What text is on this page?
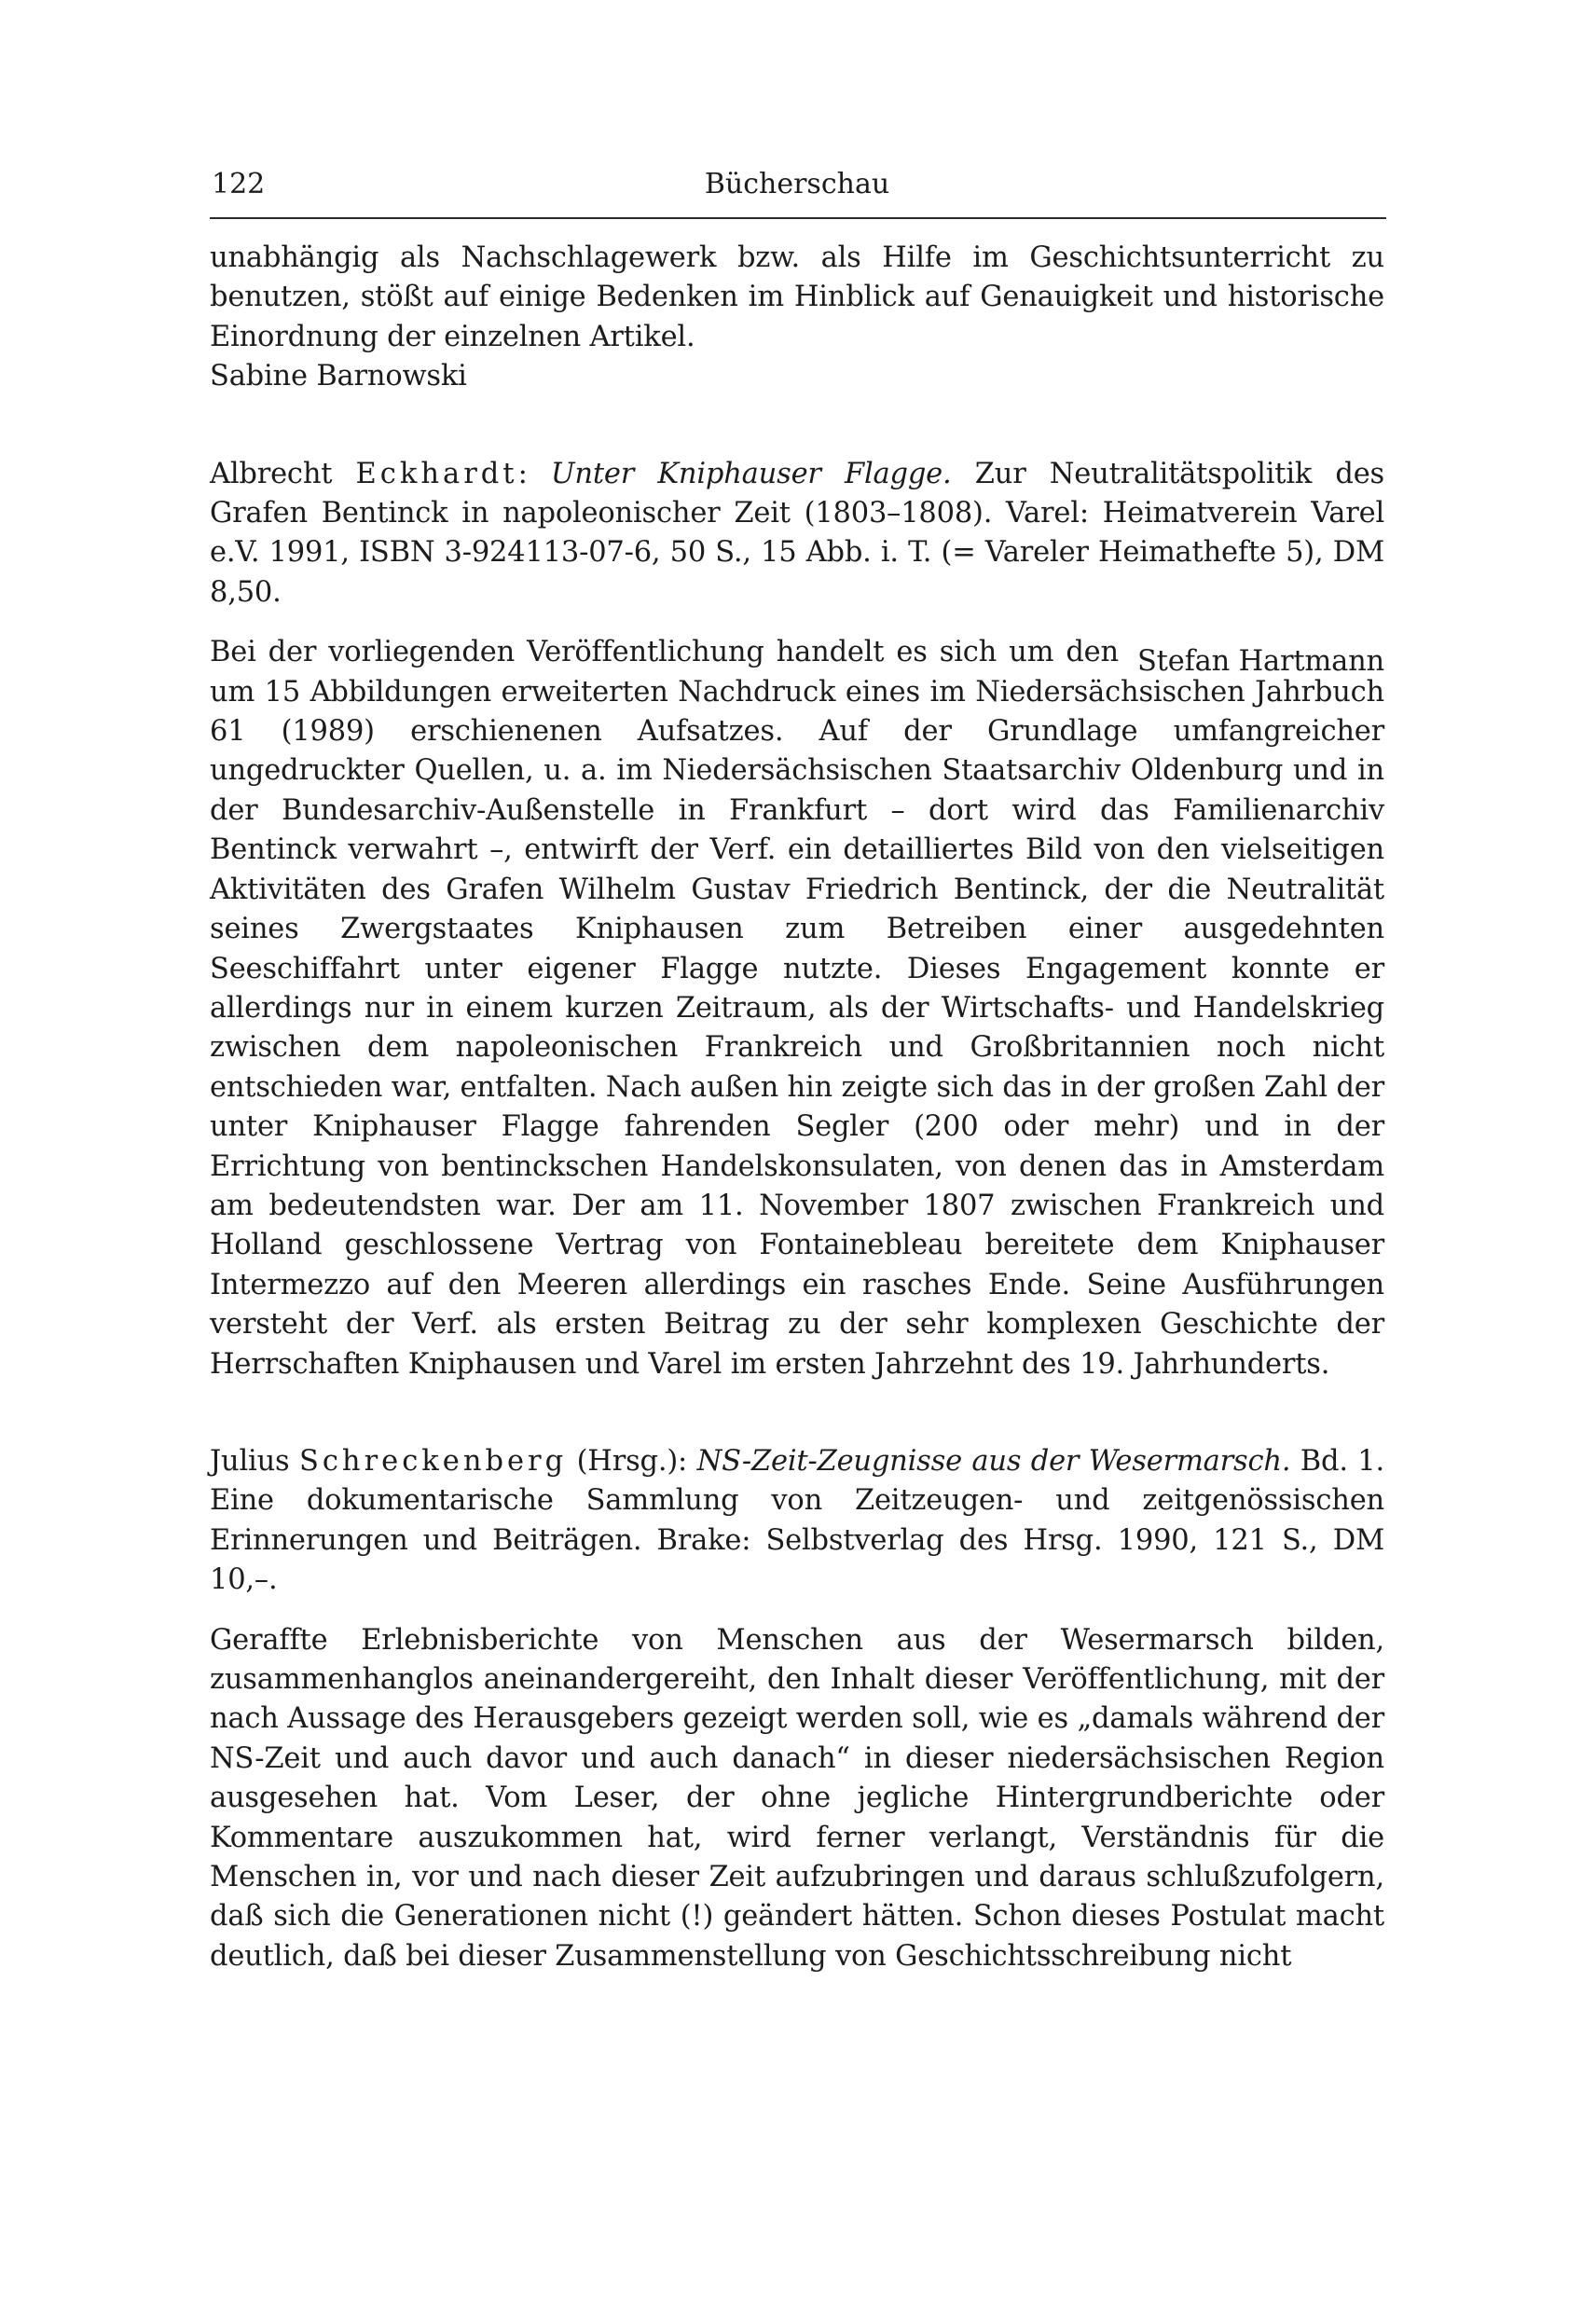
122	Bücherschau

unabhängig als Nachschlagewerk bzw. als Hilfe im Geschichtsunterricht zu benutzen, stößt auf einige Bedenken im Hinblick auf Genauigkeit und historische Einordnung der einzelnen Artikel.

Sabine Barnowski

Albrecht Eckhardt: Unter Kniphauser Flagge. Zur Neutralitätspolitik des Grafen Bentinck in napoleonischer Zeit (1803–1808). Varel: Heimatverein Varel e.V. 1991, ISBN 3-924113-07-6, 50 S., 15 Abb. i. T. (= Vareler Heimathefte 5), DM 8,50.

Stefan Hartmann

Bei der vorliegenden Veröffentlichung handelt es sich um den um 15 Abbildungen erweiterten Nachdruck eines im Niedersächsischen Jahrbuch 61 (1989) erschienenen Aufsatzes. Auf der Grundlage umfangreicher ungedruckter Quellen, u. a. im Niedersächsischen Staatsarchiv Oldenburg und in der Bundesarchiv-Außenstelle in Frankfurt – dort wird das Familienarchiv Bentinck verwahrt –, entwirft der Verf. ein detailliertes Bild von den vielseitigen Aktivitäten des Grafen Wilhelm Gustav Friedrich Bentinck, der die Neutralität seines Zwergstaates Kniphausen zum Betreiben einer ausgedehnten Seeschiffahrt unter eigener Flagge nutzte. Dieses Engagement konnte er allerdings nur in einem kurzen Zeitraum, als der Wirtschafts- und Handelskrieg zwischen dem napoleonischen Frankreich und Großbritannien noch nicht entschieden war, entfalten. Nach außen hin zeigte sich das in der großen Zahl der unter Kniphauser Flagge fahrenden Segler (200 oder mehr) und in der Errichtung von bentinckschen Handelskonsulaten, von denen das in Amsterdam am bedeutendsten war. Der am 11. November 1807 zwischen Frankreich und Holland geschlossene Vertrag von Fontainebleau bereitete dem Kniphauser Intermezzo auf den Meeren allerdings ein rasches Ende. Seine Ausführungen versteht der Verf. als ersten Beitrag zu der sehr komplexen Geschichte der Herrschaften Kniphausen und Varel im ersten Jahrzehnt des 19. Jahrhunderts.

Julius Schreckenberg (Hrsg.): NS-Zeit-Zeugnisse aus der Wesermarsch. Bd. 1. Eine dokumentarische Sammlung von Zeitzeugen- und zeitgenössischen Erinnerungen und Beiträgen. Brake: Selbstverlag des Hrsg. 1990, 121 S., DM 10,–.

Geraffte Erlebnisberichte von Menschen aus der Wesermarsch bilden, zusammenhanglos aneinandergereiht, den Inhalt dieser Veröffentlichung, mit der nach Aussage des Herausgebers gezeigt werden soll, wie es „damals während der NS-Zeit und auch davor und auch danach“ in dieser niedersächsischen Region ausgesehen hat. Vom Leser, der ohne jegliche Hintergrundberichte oder Kommentare auszukommen hat, wird ferner verlangt, Verständnis für die Menschen in, vor und nach dieser Zeit aufzubringen und daraus schlußzufolgern, daß sich die Generationen nicht (!) geändert hätten. Schon dieses Postulat macht deutlich, daß bei dieser Zusammenstellung von Geschichtsschreibung nicht
